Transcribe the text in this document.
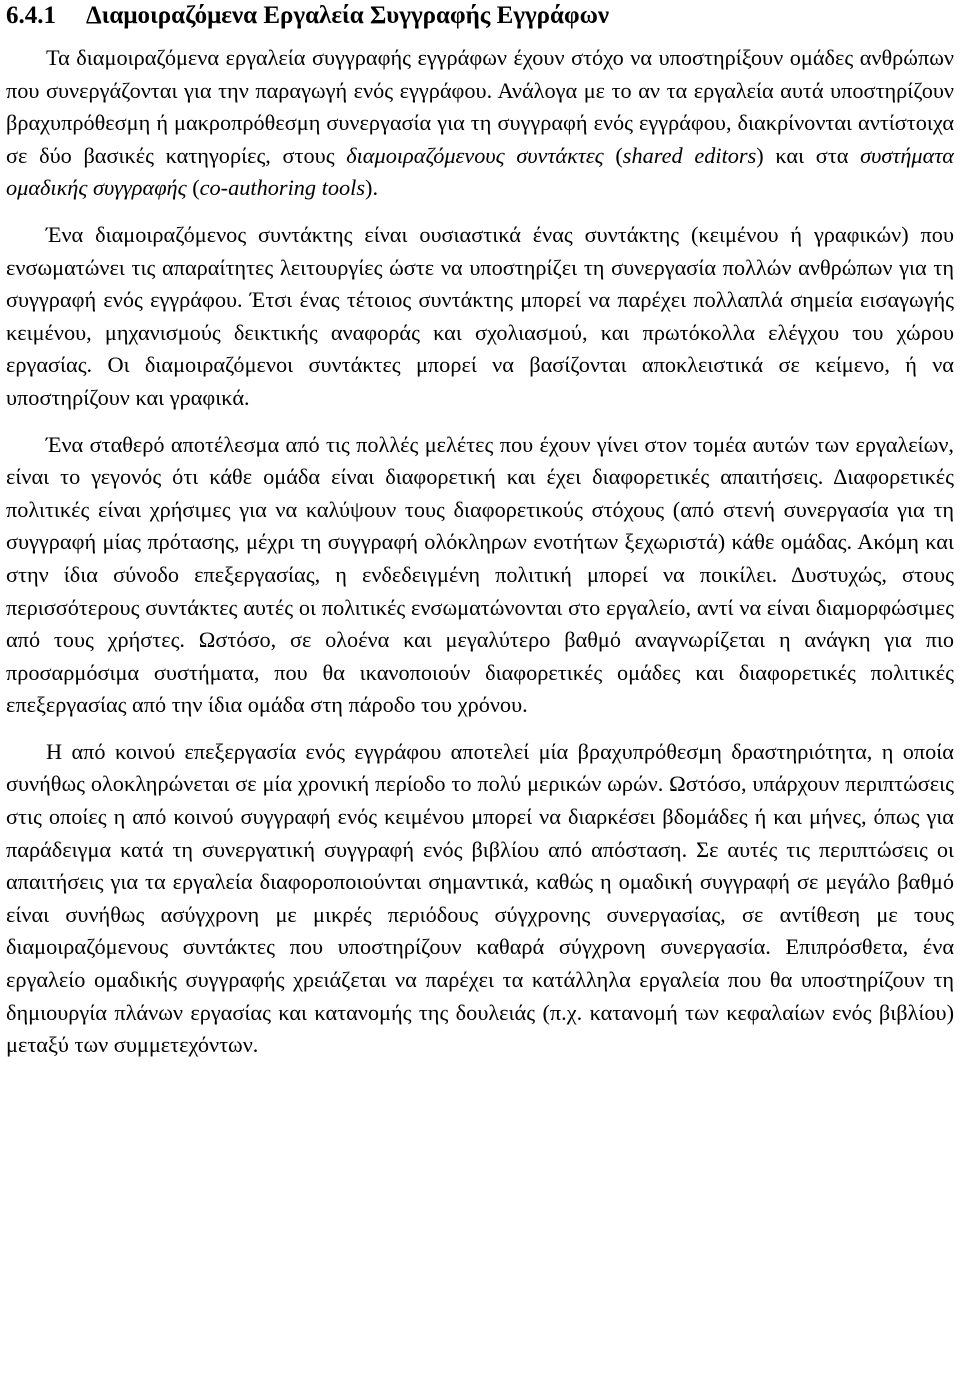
6.4.1 Διαμοιραζόμενα Εργαλεία Συγγραφής Εγγράφων

Τα διαμοιραζόμενα εργαλεία συγγραφής εγγράφων έχουν στόχο να υποστηρίξουν ομάδες ανθρώπων που συνεργάζονται για την παραγωγή ενός εγγράφου. Ανάλογα με το αν τα εργαλεία αυτά υποστηρίζουν βραχυπρόθεσμη ή μακροπρόθεσμη συνεργασία για τη συγγραφή ενός εγγράφου, διακρίνονται αντίστοιχα σε δύο βασικές κατηγορίες, στους διαμοιραζόμενους συντάκτες (shared editors) και στα συστήματα ομαδικής συγγραφής (co-authoring tools).

Ένα διαμοιραζόμενος συντάκτης είναι ουσιαστικά ένας συντάκτης (κειμένου ή γραφικών) που ενσωματώνει τις απαραίτητες λειτουργίες ώστε να υποστηρίζει τη συνεργασία πολλών ανθρώπων για τη συγγραφή ενός εγγράφου. Έτσι ένας τέτοιος συντάκτης μπορεί να παρέχει πολλαπλά σημεία εισαγωγής κειμένου, μηχανισμούς δεικτικής αναφοράς και σχολιασμού, και πρωτόκολλα ελέγχου του χώρου εργασίας. Οι διαμοιραζόμενοι συντάκτες μπορεί να βασίζονται αποκλειστικά σε κείμενο, ή να υποστηρίζουν και γραφικά.

Ένα σταθερό αποτέλεσμα από τις πολλές μελέτες που έχουν γίνει στον τομέα αυτών των εργαλείων, είναι το γεγονός ότι κάθε ομάδα είναι διαφορετική και έχει διαφορετικές απαιτήσεις. Διαφορετικές πολιτικές είναι χρήσιμες για να καλύψουν τους διαφορετικούς στόχους (από στενή συνεργασία για τη συγγραφή μίας πρότασης, μέχρι τη συγγραφή ολόκληρων ενοτήτων ξεχωριστά) κάθε ομάδας. Ακόμη και στην ίδια σύνοδο επεξεργασίας, η ενδεδειγμένη πολιτική μπορεί να ποικίλει. Δυστυχώς, στους περισσότερους συντάκτες αυτές οι πολιτικές ενσωματώνονται στο εργαλείο, αντί να είναι διαμορφώσιμες από τους χρήστες. Ωστόσο, σε ολοένα και μεγαλύτερο βαθμό αναγνωρίζεται η ανάγκη για πιο προσαρμόσιμα συστήματα, που θα ικανοποιούν διαφορετικές ομάδες και διαφορετικές πολιτικές επεξεργασίας από την ίδια ομάδα στη πάροδο του χρόνου.

Η από κοινού επεξεργασία ενός εγγράφου αποτελεί μία βραχυπρόθεσμη δραστηριότητα, η οποία συνήθως ολοκληρώνεται σε μία χρονική περίοδο το πολύ μερικών ωρών. Ωστόσο, υπάρχουν περιπτώσεις στις οποίες η από κοινού συγγραφή ενός κειμένου μπορεί να διαρκέσει βδομάδες ή και μήνες, όπως για παράδειγμα κατά τη συνεργατική συγγραφή ενός βιβλίου από απόσταση. Σε αυτές τις περιπτώσεις οι απαιτήσεις για τα εργαλεία διαφοροποιούνται σημαντικά, καθώς η ομαδική συγγραφή σε μεγάλο βαθμό είναι συνήθως ασύγχρονη με μικρές περιόδους σύγχρονης συνεργασίας, σε αντίθεση με τους διαμοιραζόμενους συντάκτες που υποστηρίζουν καθαρά σύγχρονη συνεργασία. Επιπρόσθετα, ένα εργαλείο ομαδικής συγγραφής χρειάζεται να παρέχει τα κατάλληλα εργαλεία που θα υποστηρίζουν τη δημιουργία πλάνων εργασίας και κατανομής της δουλειάς (π.χ. κατανομή των κεφαλαίων ενός βιβλίου) μεταξύ των συμμετεχόντων.
